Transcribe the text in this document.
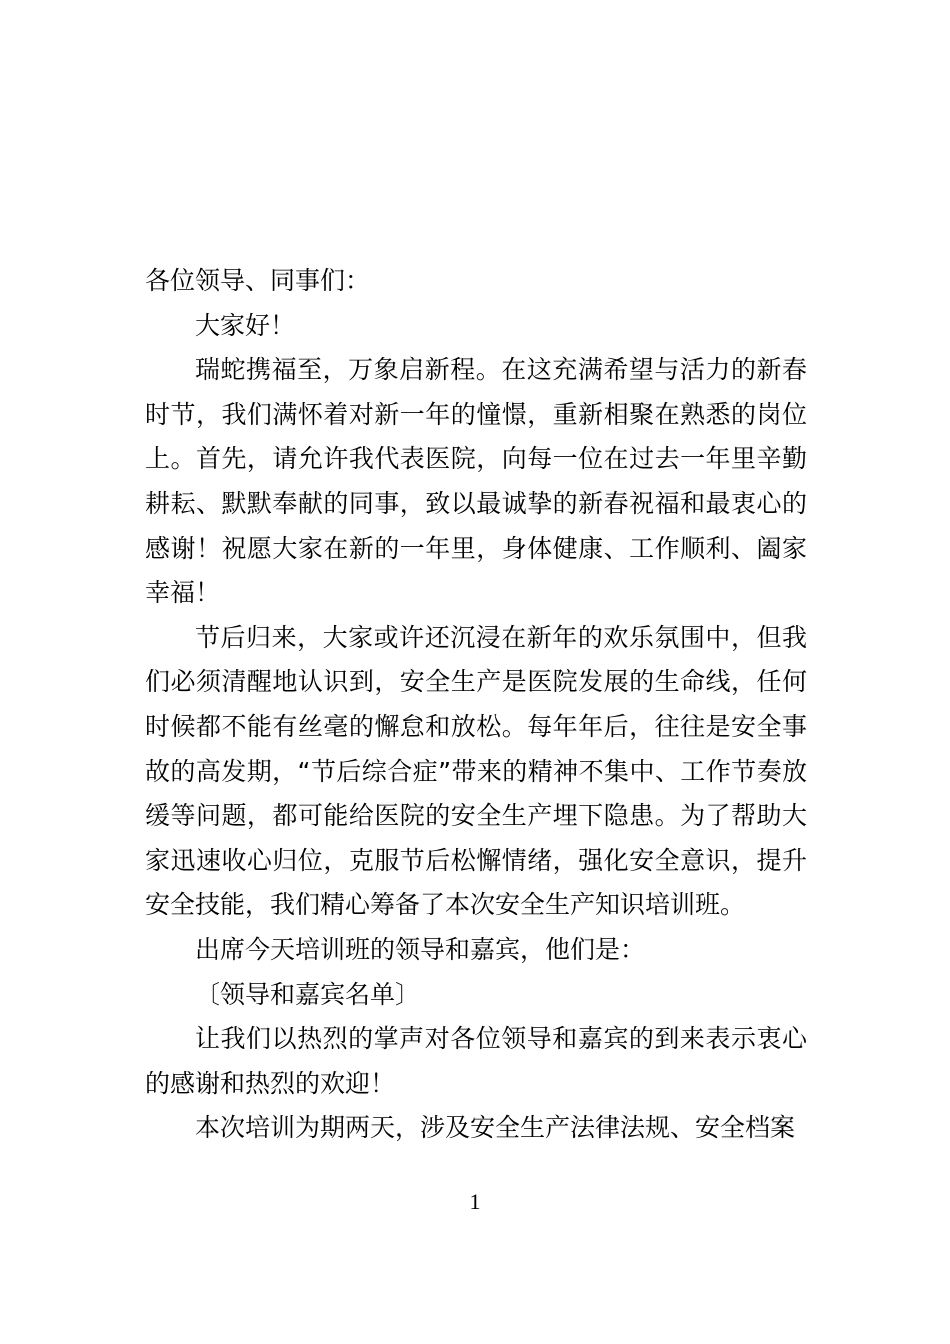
各位领导、同事们：

大家好！

瑞蛇携福至，万象启新程。在这充满希望与活力的新春时节，我们满怀着对新一年的憧憬，重新相聚在熟悉的岗位上。首先，请允许我代表医院，向每一位在过去一年里辛勤耕耘、默默奉献的同事，致以最诚挚的新春祝福和最衷心的感谢！祝愿大家在新的一年里，身体健康、工作顺利、阖家幸福！

节后归来，大家或许还沉浸在新年的欢乐氛围中，但我们必须清醒地认识到，安全生产是医院发展的生命线，任何时候都不能有丝毫的懈怠和放松。每年年后，往往是安全事故的高发期，“节后综合症”带来的精神不集中、工作节奏放缓等问题，都可能给医院的安全生产埋下隐患。为了帮助大家迅速收心归位，克服节后松懈情绪，强化安全意识，提升安全技能，我们精心筹备了本次安全生产知识培训班。

出席今天培训班的领导和嘉宾，他们是：

〔领导和嘉宾名单〕

让我们以热烈的掌声对各位领导和嘉宾的到来表示衷心的感谢和热烈的欢迎！

本次培训为期两天，涉及安全生产法律法规、安全档案

1
